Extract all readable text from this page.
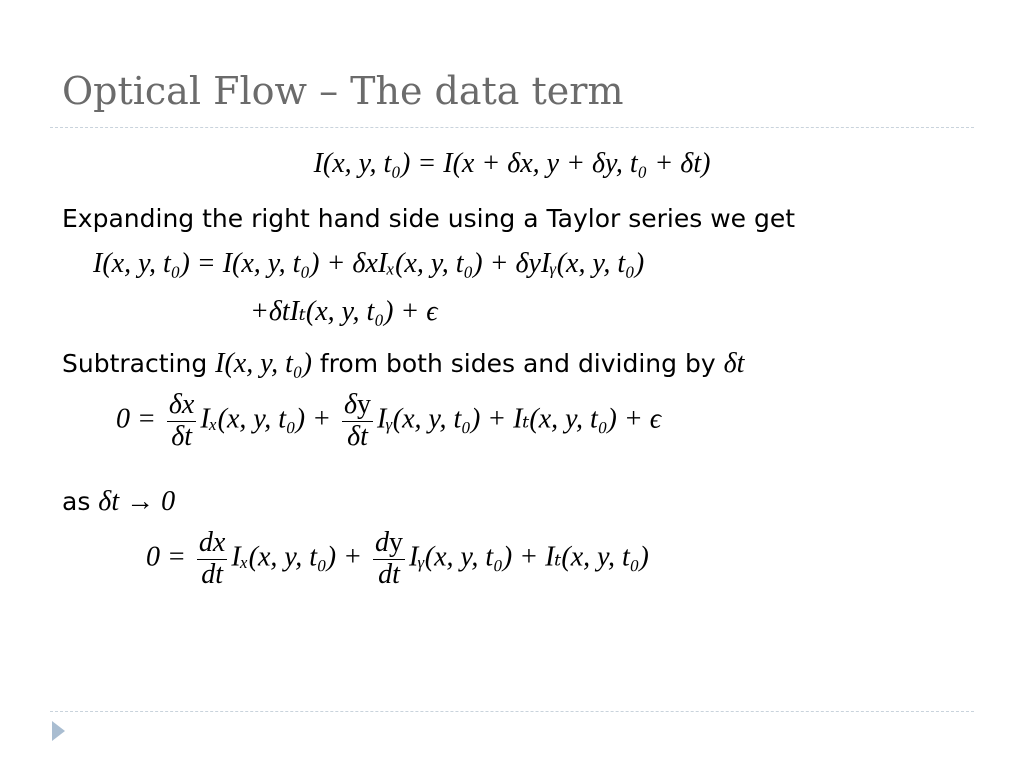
Optical Flow – The data term
I(x, y, t₀) = I(x + δx, y + δy, t₀ + δt)
Expanding the right hand side using a Taylor series we get
I(x, y, t₀) = I(x, y, t₀) + δxIₓ(x, y, t₀) + δyIᵧ(x, y, t₀)
+δtIₜ(x, y, t₀) + ϵ
Subtracting I(x, y, t₀) from both sides and dividing by δt
$0 = \frac{\delta x}{\delta t} I_x(x$, y, $t_0) + \frac{\delta y}{\delta t}$ Iᵧ(x, y, t₀) + Iₜ(x, y, t₀) + ϵ
as δt → 0
$0 = \frac{dx}{dt} I_x(x$, y, $t_0) + \frac{dy}{dt}$ Iᵧ(x, y, t₀) + Iₜ(x, y, t₀)
